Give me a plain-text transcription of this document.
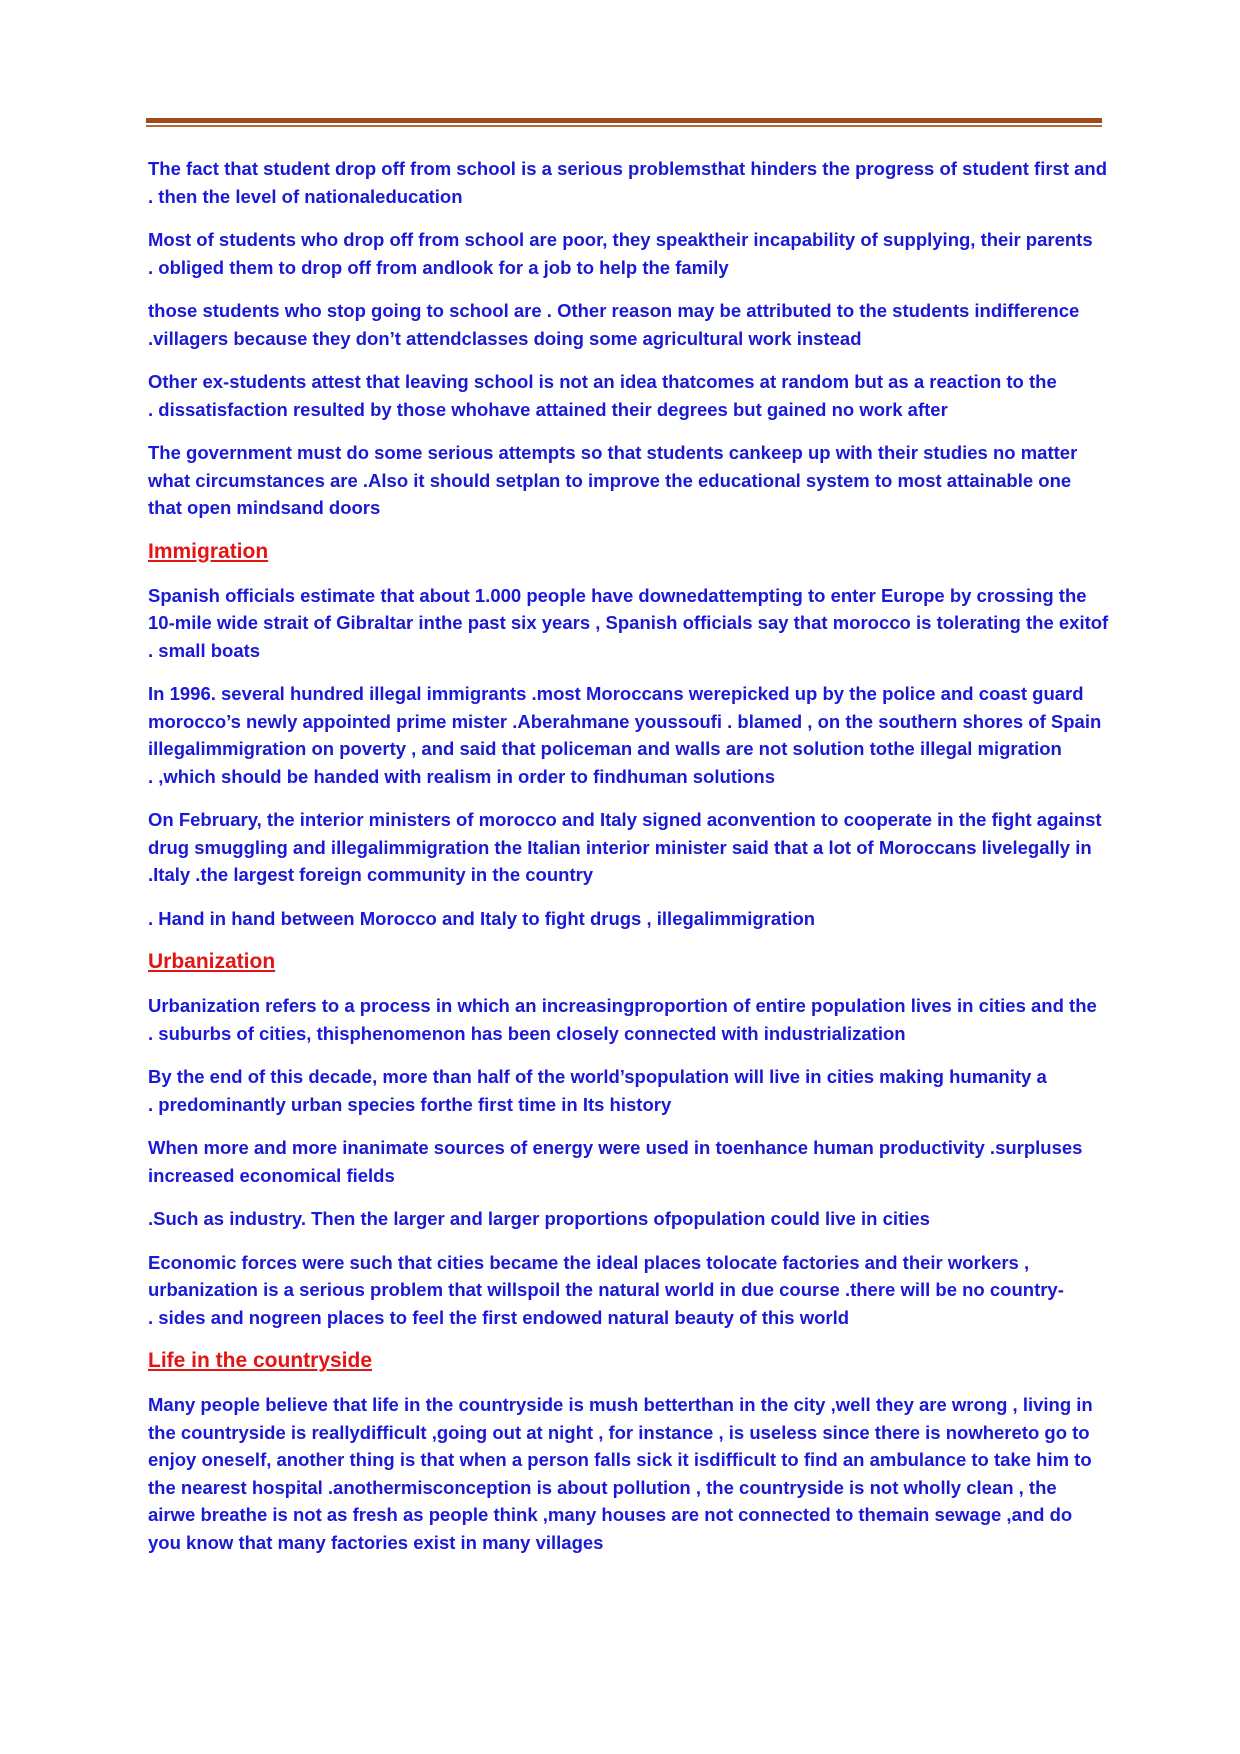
The fact that student drop off from school is a serious problemsthat hinders the progress of student first and
. then the level of nationaleducation

Most of students who drop off from school are poor, they speaktheir incapability of supplying, their parents
. obliged them to drop off from andlook for a job to help the family

those students who stop going to school are . Other reason may be attributed to the students indifference
.villagers because they don’t attendclasses doing some agricultural work instead

Other ex-students attest that leaving school is not an idea thatcomes at random but as a reaction to the
. dissatisfaction resulted by those whohave attained their degrees but gained no work after

The government must do some serious attempts so that students cankeep up with their studies no matter
what circumstances are .Also it should setplan to improve the educational system to most attainable one
that open mindsand doors

Immigration

Spanish officials estimate that about 1.000 people have downedattempting to enter Europe by crossing the
10-mile wide strait of Gibraltar inthe past six years , Spanish officials say that morocco is tolerating the exitof
. small boats

In 1996. several hundred illegal immigrants .most Moroccans werepicked up by the police and coast guard
morocco’s newly appointed prime mister .Aberahmane youssoufi . blamed , on the southern shores of Spain
illegalimmigration on poverty , and said that policeman and walls are not solution tothe illegal migration
. ,which should be handed with realism in order to findhuman solutions

On February, the interior ministers of morocco and Italy signed aconvention to cooperate in the fight against
drug smuggling and illegalimmigration the Italian interior minister said that a lot of Moroccans livelegally in
.Italy .the largest foreign community in the country

. Hand in hand between Morocco and Italy to fight drugs , illegalimmigration

Urbanization

Urbanization refers to a process in which an increasingproportion of entire population lives in cities and the
. suburbs of cities, thisphenomenon has been closely connected with industrialization

By the end of this decade, more than half of the world’spopulation will live in cities making humanity a
. predominantly urban species forthe first time in Its history

When more and more inanimate sources of energy were used in toenhance human productivity .surpluses
increased economical fields

.Such as industry. Then the larger and larger proportions ofpopulation could live in cities

Economic forces were such that cities became the ideal places tolocate factories and their workers ,
urbanization is a serious problem that willspoil the natural world in due course .there will be no country-
. sides and nogreen places to feel the first endowed natural beauty of this world

Life in the countryside

Many people believe that life in the countryside is mush betterthan in the city ,well they are wrong , living in
the countryside is reallydifficult ,going out at night , for instance , is useless since there is nowhereto go to
enjoy oneself, another thing is that when a person falls sick it isdifficult to find an ambulance to take him to
the nearest hospital .anothermisconception is about pollution , the countryside is not wholly clean , the
airwe breathe is not as fresh as people think ,many houses are not connected to themain sewage ,and do
you know that many factories exist in many villages
